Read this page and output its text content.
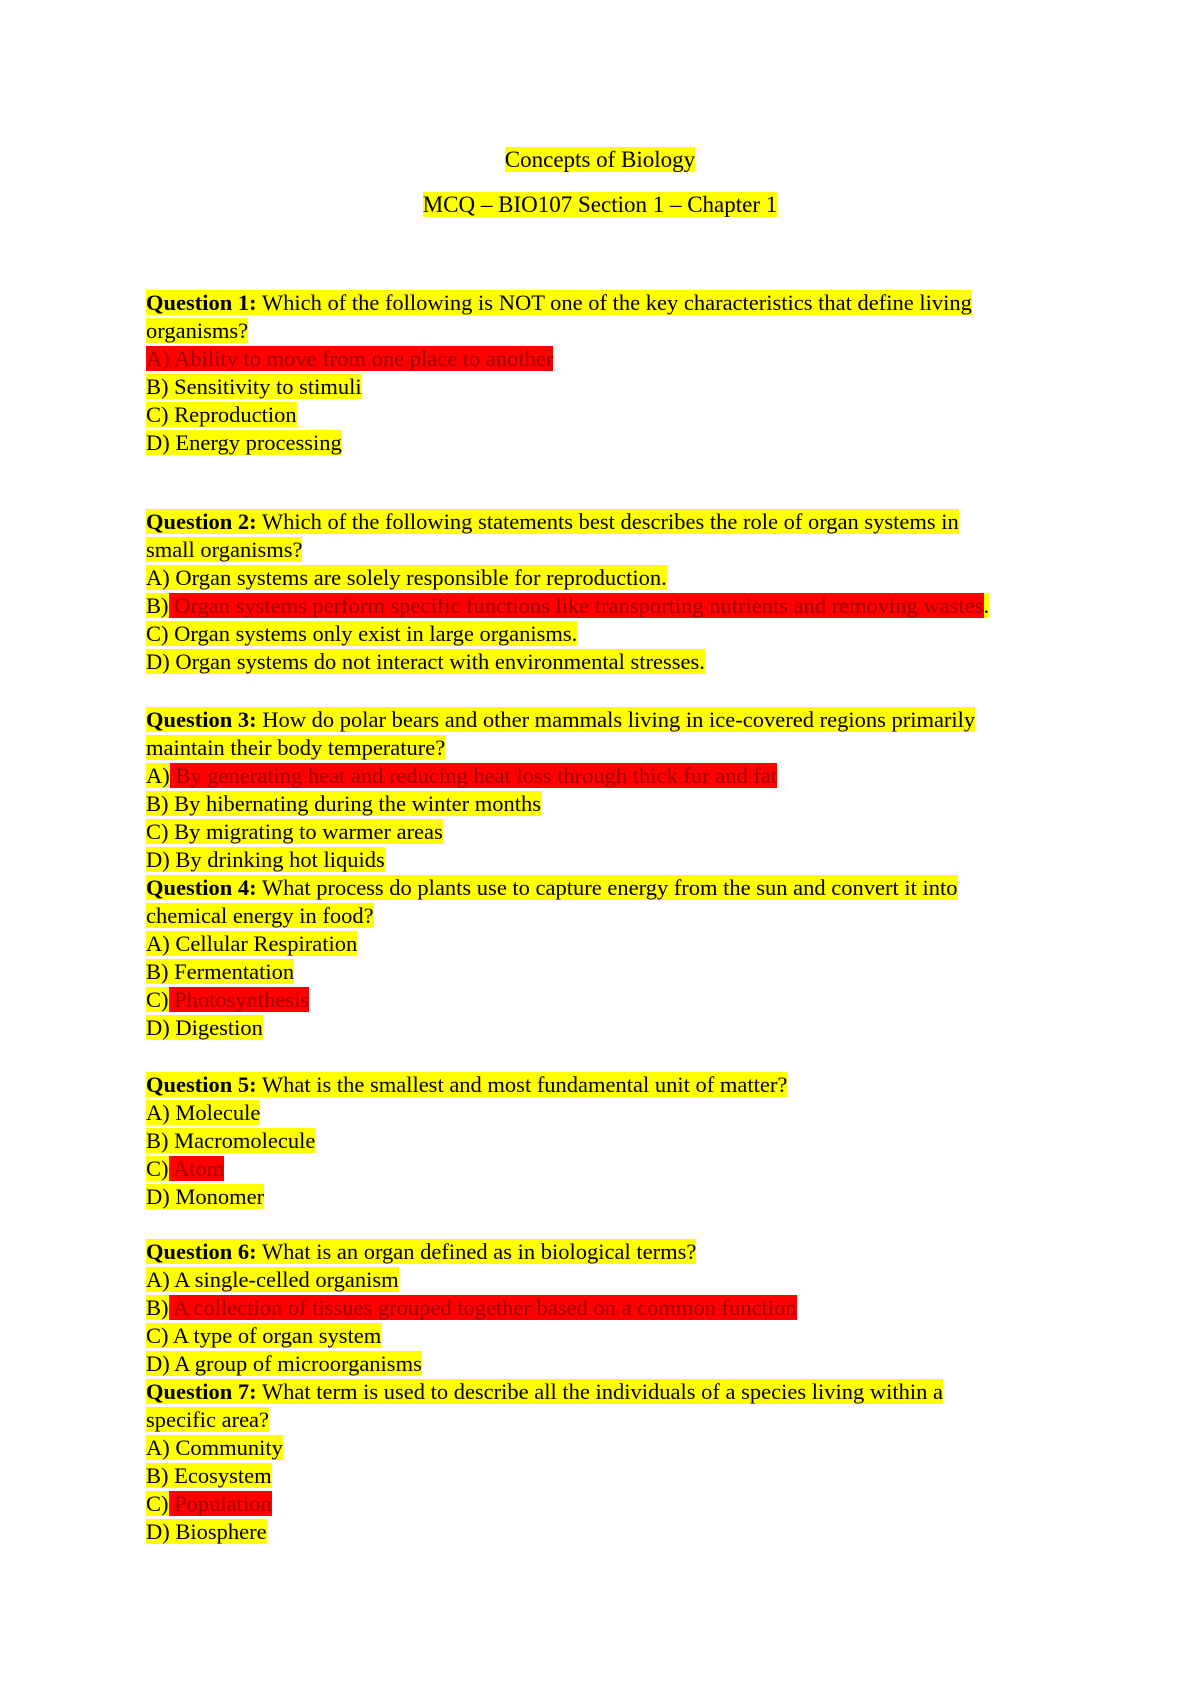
Concepts of Biology
MCQ – BIO107 Section 1 – Chapter 1
Question 1: Which of the following is NOT one of the key characteristics that define living
organisms?
A) Ability to move from one place to another
B) Sensitivity to stimuli
C) Reproduction
D) Energy processing
Question 2: Which of the following statements best describes the role of organ systems in
small organisms?
A) Organ systems are solely responsible for reproduction.
B) Organ systems perform specific functions like transporting nutrients and removing wastes.
C) Organ systems only exist in large organisms.
D) Organ systems do not interact with environmental stresses.
Question 3: How do polar bears and other mammals living in ice-covered regions primarily
maintain their body temperature?
A) By generating heat and reducing heat loss through thick fur and fat
B) By hibernating during the winter months
C) By migrating to warmer areas
D) By drinking hot liquids
Question 4: What process do plants use to capture energy from the sun and convert it into
chemical energy in food?
A) Cellular Respiration
B) Fermentation
C) Photosynthesis
D) Digestion
Question 5: What is the smallest and most fundamental unit of matter?
A) Molecule
B) Macromolecule
C) Atom
D) Monomer
Question 6: What is an organ defined as in biological terms?
A) A single-celled organism
B) A collection of tissues grouped together based on a common function
C) A type of organ system
D) A group of microorganisms
Question 7: What term is used to describe all the individuals of a species living within a
specific area?
A) Community
B) Ecosystem
C) Population
D) Biosphere
